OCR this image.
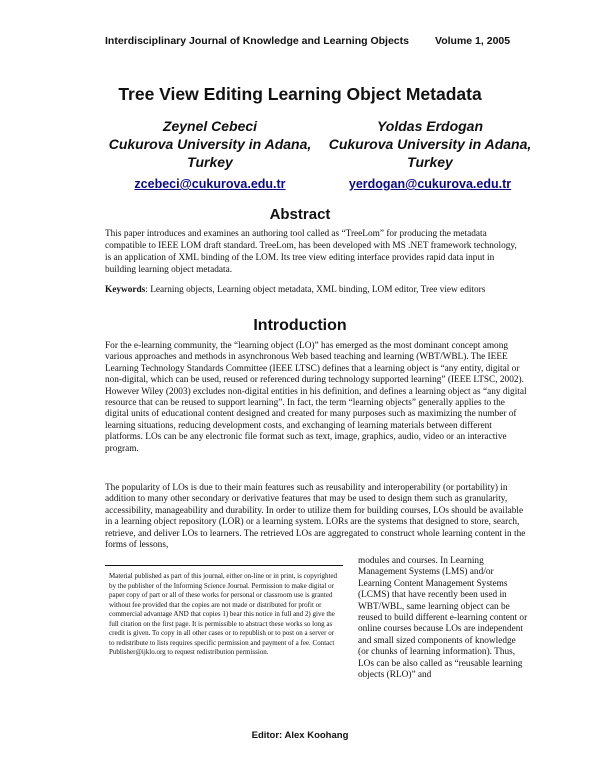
Interdisciplinary Journal of Knowledge and Learning Objects Volume 1, 2005
Tree View Editing Learning Object Metadata
Zeynel Cebeci
Cukurova University in Adana, Turkey
Yoldas Erdogan
Cukurova University in Adana, Turkey
zcebeci@cukurova.edu.tr	yerdogan@cukurova.edu.tr
Abstract
This paper introduces and examines an authoring tool called as “TreeLom” for producing the metadata compatible to IEEE LOM draft standard. TreeLom, has been developed with MS .NET framework technology, is an application of XML binding of the LOM. Its tree view editing interface provides rapid data input in building learning object metadata.
Keywords: Learning objects, Learning object metadata, XML binding, LOM editor, Tree view editors
Introduction
For the e-learning community, the “learning object (LO)” has emerged as the most dominant concept among various approaches and methods in asynchronous Web based teaching and learning (WBT/WBL). The IEEE Learning Technology Standards Committee (IEEE LTSC) defines that a learning object is “any entity, digital or non-digital, which can be used, reused or referenced during technology supported learning” (IEEE LTSC, 2002). However Wiley (2003) excludes non-digital entities in his definition, and defines a learning object as “any digital resource that can be reused to support learning”. In fact, the term “learning objects” generally applies to the digital units of educational content designed and created for many purposes such as maximizing the number of learning situations, reducing development costs, and exchanging of learning materials between different platforms. LOs can be any electronic file format such as text, image, graphics, audio, video or an interactive program.
The popularity of LOs is due to their main features such as reusability and interoperability (or portability) in addition to many other secondary or derivative features that may be used to design them such as granularity, accessibility, manageability and durability. In order to utilize them for building courses, LOs should be available in a learning object repository (LOR) or a learning system. LORs are the systems that designed to store, search, retrieve, and deliver LOs to learners. The retrieved LOs are aggregated to construct whole learning content in the forms of lessons,
Material published as part of this journal, either on-line or in print, is copyrighted by the publisher of the Informing Science Journal. Permission to make digital or paper copy of part or all of these works for personal or classroom use is granted without fee provided that the copies are not made or distributed for profit or commercial advantage AND that copies 1) bear this notice in full and 2) give the full citation on the first page. It is permissible to abstract these works so long as credit is given. To copy in all other cases or to republish or to post on a server or to redistribute to lists requires specific permission and payment of a fee. Contact Publisher@ijklo.org to request redistribution permission.
modules and courses. In Learning Management Systems (LMS) and/or Learning Content Management Systems (LCMS) that have recently been used in WBT/WBL, same learning object can be reused to build different e-learning content or online courses because LOs are independent and small sized components of knowledge (or chunks of learning information). Thus, LOs can be also called as “reusable learning objects (RLO)” and
Editor: Alex Koohang
